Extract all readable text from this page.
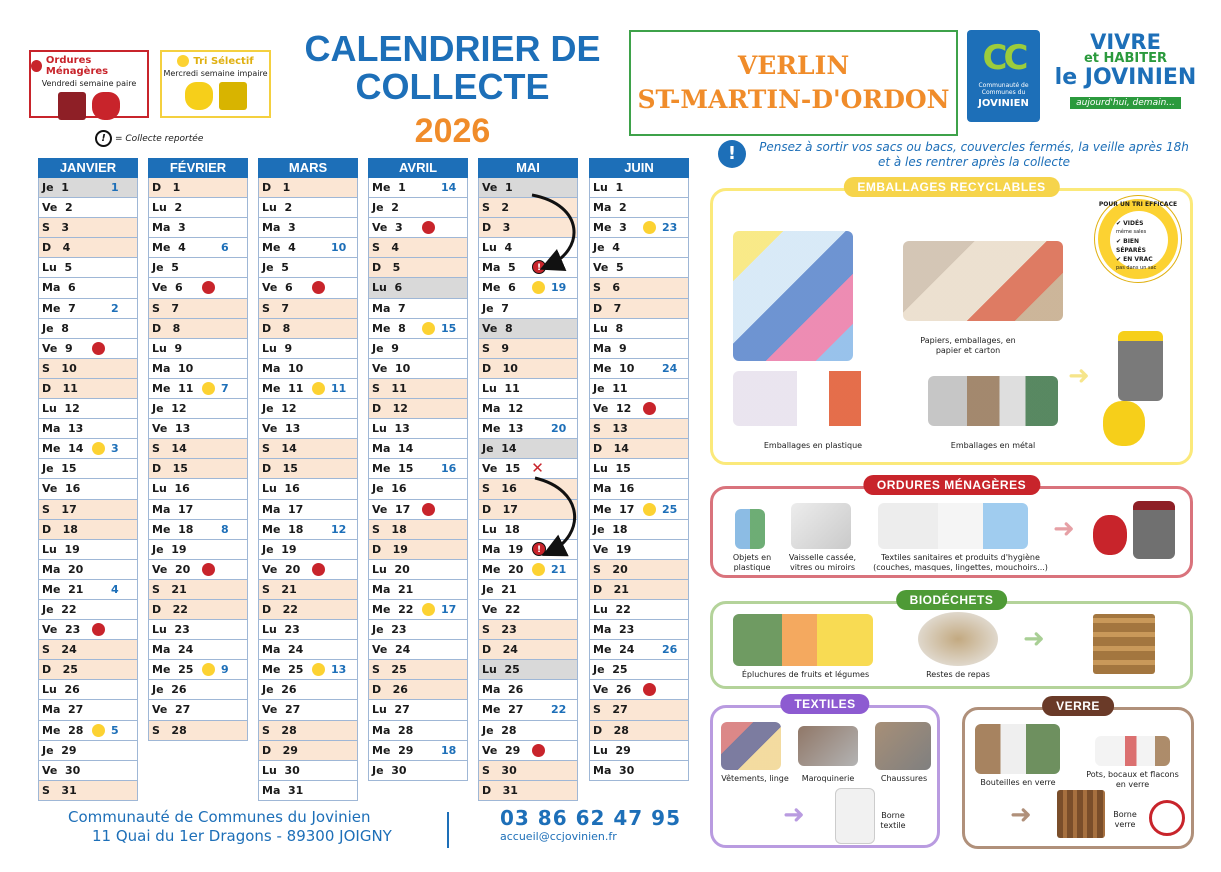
Ordures Ménagères
Vendredi semaine paire
Tri Sélectif
Mercredi semaine impaire
!	= Collecte reportée
CALENDRIER DE
COLLECTE
2026
VERLIN
ST-MARTIN-D'ORDON
CC
Communauté de Communes du
JOVINIEN
VIVRE
et HABITER
le JOVINIEN
aujourd'hui, demain...
JANVIER
Je  1	1
Ve  2
S   3
D   4
Lu  5
Ma  6
Me  7	2
Je  8
Ve  9
S   10
D   11
Lu  12
Ma  13
Me  14	3
Je  15
Ve  16
S   17
D   18
Lu  19
Ma  20
Me  21	4
Je  22
Ve  23
S   24
D   25
Lu  26
Ma  27
Me  28	5
Je  29
Ve  30
S   31
FÉVRIER
D   1
Lu  2
Ma  3
Me  4	6
Je  5
Ve  6
S   7
D   8
Lu  9
Ma  10
Me  11	7
Je  12
Ve  13
S   14
D   15
Lu  16
Ma  17
Me  18	8
Je  19
Ve  20
S   21
D   22
Lu  23
Ma  24
Me  25	9
Je  26
Ve  27
S   28
MARS
D   1
Lu  2
Ma  3
Me  4	10
Je  5
Ve  6
S   7
D   8
Lu  9
Ma  10
Me  11	11
Je  12
Ve  13
S   14
D   15
Lu  16
Ma  17
Me  18	12
Je  19
Ve  20
S   21
D   22
Lu  23
Ma  24
Me  25	13
Je  26
Ve  27
S   28
D   29
Lu  30
Ma  31
AVRIL
Me  1	14
Je  2
Ve  3
S   4
D   5
Lu  6
Ma  7
Me  8	15
Je  9
Ve  10
S   11
D   12
Lu  13
Ma  14
Me  15	16
Je  16
Ve  17
S   18
D   19
Lu  20
Ma  21
Me  22	17
Je  23
Ve  24
S   25
D   26
Lu  27
Ma  28
Me  29	18
Je  30
MAI
Ve  1
S   2
D   3
Lu  4
Ma  5	!
Me  6	19
Je  7
Ve  8
S   9
D   10
Lu  11
Ma  12
Me  13	20
Je  14
Ve  15 ✕
S   16
D   17
Lu  18
Ma  19	!
Me  20	21
Je  21
Ve  22
S   23
D   24
Lu  25
Ma  26
Me  27	22
Je  28
Ve  29
S   30
D   31
JUIN
Lu  1
Ma  2
Me  3	23
Je  4
Ve  5
S   6
D   7
Lu  8
Ma  9
Me  10	24
Je  11
Ve  12
S   13
D   14
Lu  15
Ma  16
Me  17	25
Je  18
Ve  19
S   20
D   21
Lu  22
Ma  23
Me  24	26
Je  25
Ve  26
S   27
D   28
Lu  29
Ma  30
Communauté de Communes du Jovinien
11 Quai du 1er Dragons - 89300 JOIGNY
03 86 62 47 95
accueil@ccjovinien.fr
!	Pensez à sortir vos sacs ou bacs, couvercles fermés, la veille après 18h et à les rentrer après la collecte
EMBALLAGES RECYCLABLES
Papiers, emballages, en papier et carton
Emballages en plastique	Emballages en métal
➜
POUR UN TRI EFFICACE
✔ VIDÉS
même sales
✔ BIEN SÉPARÉS
✔ EN VRAC
pas dans un sac
ORDURES MÉNAGÈRES
Objets en plastique
Vaisselle cassée, vitres ou miroirs
Textiles sanitaires et produits d'hygiène (couches, masques, lingettes, mouchoirs...)
➜
BIODÉCHETS
Épluchures de fruits et légumes	Restes de repas
➜
TEXTILES
Vêtements, linge	Maroquinerie	Chaussures
➜	Borne textile
VERRE
Bouteilles en verre
Pots, bocaux et flacons en verre
➜	Borne verre
